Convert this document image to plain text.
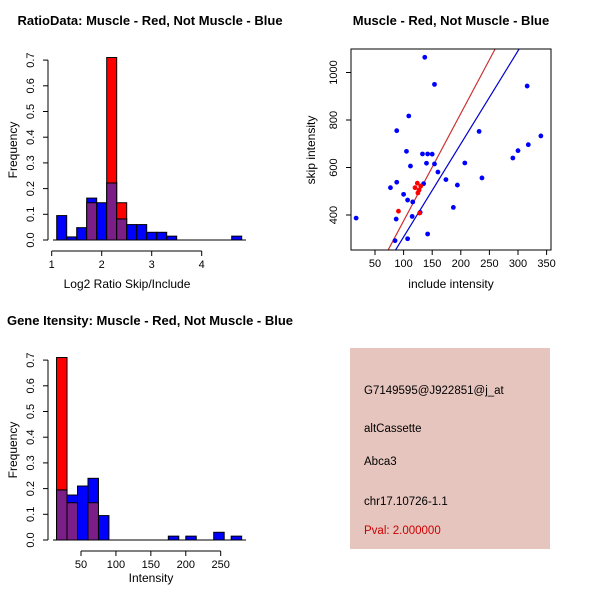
0.0
0.1
0.2
0.3
0.4
0.5
0.6
0.7
1	2	3	4	50 100 150 200 250 300 350
400
600
800
1000
0.0
0.1
0.2
0.3
0.4
0.5
0.6
0.7
50 100 150 200 250
RatioData: Muscle - Red, Not Muscle - Blue
Log2 Ratio Skip/Include
Frequency
Muscle - Red, Not Muscle - Blue
include intensity
skip intensity
Gene Itensity: Muscle - Red, Not Muscle - Blue
Intensity
Frequency
G7149595@J922851@j_at
altCassette
Abca3
chr17.10726-1.1
Pval: 2.000000
